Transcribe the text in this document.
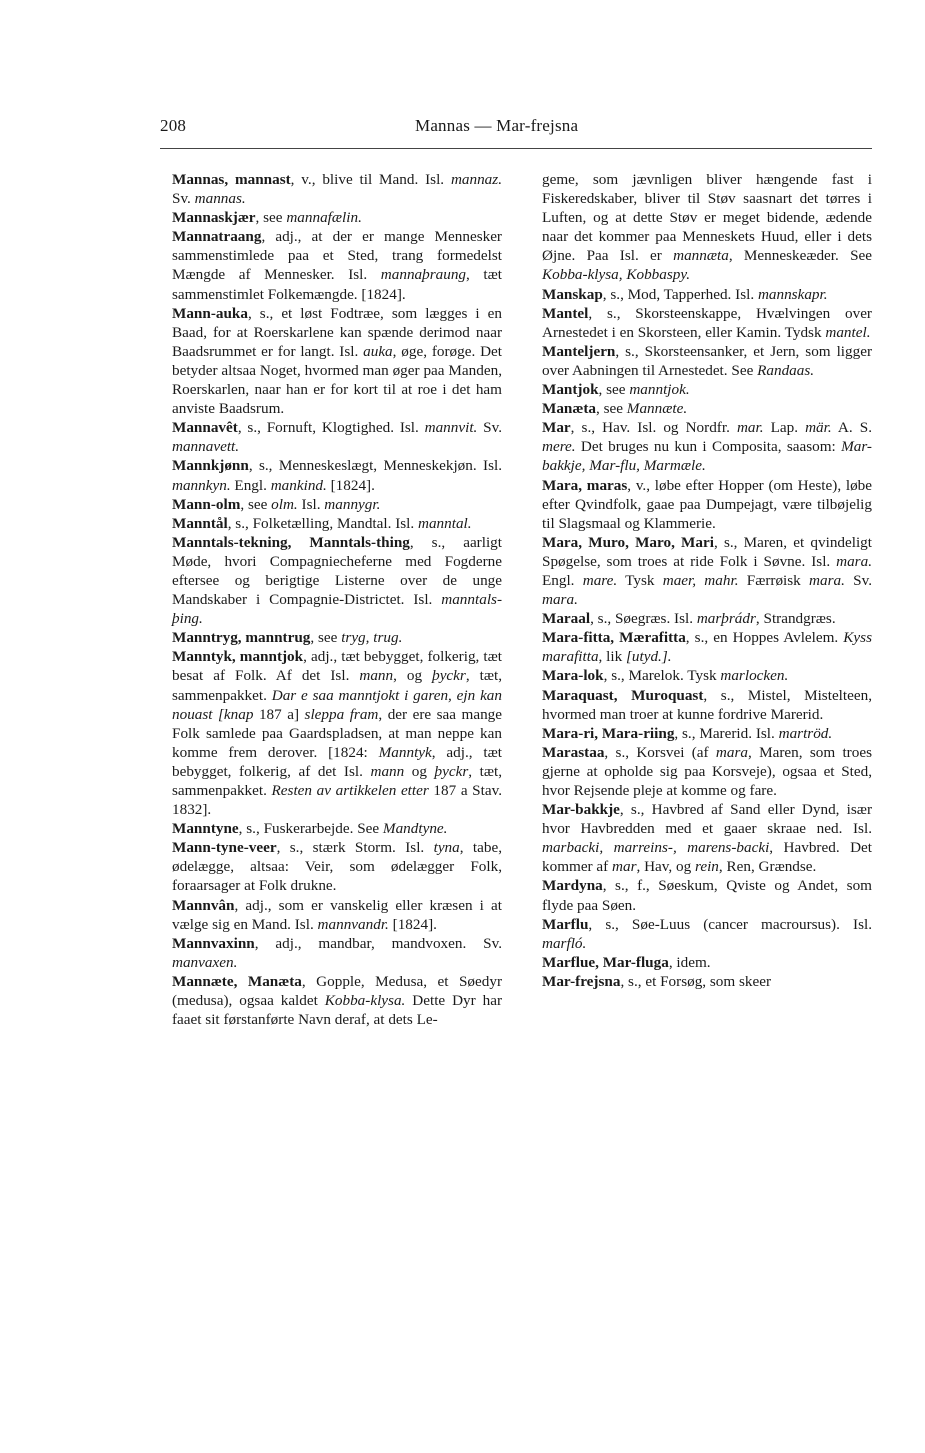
208	Mannas — Mar-frejsna

Mannas, mannast, v., blive til Mand. Isl. mannaz. Sv. mannas.

Mannaskjær, see mannafælin.

Mannatraang, adj., at der er mange Mennesker sammenstimlede paa et Sted, trang formedelst Mængde af Mennesker. Isl. mannaþraung, tæt sammenstimlet Folkemængde. [1824].

Mann-auka, s., et løst Fodtræe, som lægges i en Baad, for at Roerskarlene kan spænde derimod naar Baadsrummet er for langt. Isl. auka, øge, forøge. Det betyder altsaa Noget, hvormed man øger paa Manden, Roerskarlen, naar han er for kort til at roe i det ham anviste Baadsrum.

Mannavêt, s., Fornuft, Klogtighed. Isl. mannvit. Sv. mannavett.

Mannkjønn, s., Menneskeslægt, Menneskekjøn. Isl. mannkyn. Engl. mankind. [1824].

Mann-olm, see olm. Isl. mannygr.

Manntål, s., Folketælling, Mandtal. Isl. manntal.

Manntals-tekning, Manntals-thing, s., aarligt Møde, hvori Compagniecheferne med Fogderne eftersee og berigtige Listerne over de unge Mandskaber i Compagnie-Districtet. Isl. manntals-þing.

Manntryg, manntrug, see tryg, trug.

Manntyk, manntjok, adj., tæt bebygget, folkerig, tæt besat af Folk. Af det Isl. mann, og þyckr, tæt, sammenpakket. Dar e saa manntjokt i garen, ejn kan nouast [knap 187 a] sleppa fram, der ere saa mange Folk samlede paa Gaardspladsen, at man neppe kan komme frem derover. [1824: Manntyk, adj., tæt bebygget, folkerig, af det Isl. mann og þyckr, tæt, sammenpakket. Resten av artikkelen etter 187 a Stav. 1832].

Manntyne, s., Fuskerarbejde. See Mandtyne.

Mann-tyne-veer, s., stærk Storm. Isl. tyna, tabe, ødelægge, altsaa: Veir, som ødelægger Folk, foraarsager at Folk drukne.

Mannvân, adj., som er vanskelig eller kræsen i at vælge sig en Mand. Isl. mannvandr. [1824].

Mannvaxinn, adj., mandbar, mandvoxen. Sv. manvaxen.

Mannæte, Manæta, Gopple, Medusa, et Søedyr (medusa), ogsaa kaldet Kobba-klysa. Dette Dyr har faaet sit førstanførte Navn deraf, at dets Le-

geme, som jævnligen bliver hængende fast i Fiskeredskaber, bliver til Støv saasnart det tørres i Luften, og at dette Støv er meget bidende, ædende naar det kommer paa Menneskets Huud, eller i dets Øjne. Paa Isl. er mannæta, Menneskeæder. See Kobba-klysa, Kobbaspy.

Manskap, s., Mod, Tapperhed. Isl. mannskapr.

Mantel, s., Skorsteenskappe, Hvælvingen over Arnestedet i en Skorsteen, eller Kamin. Tydsk mantel.

Manteljern, s., Skorsteensanker, et Jern, som ligger over Aabningen til Arnestedet. See Randaas.

Mantjok, see manntjok.

Manæta, see Mannæte.

Mar, s., Hav. Isl. og Nordfr. mar. Lap. mär. A. S. mere. Det bruges nu kun i Composita, saasom: Mar-bakkje, Mar-flu, Marmæle.

Mara, maras, v., løbe efter Hopper (om Heste), løbe efter Qvindfolk, gaae paa Dumpejagt, være tilbøjelig til Slagsmaal og Klammerie.

Mara, Muro, Maro, Mari, s., Maren, et qvindeligt Spøgelse, som troes at ride Folk i Søvne. Isl. mara. Engl. mare. Tysk maer, mahr. Færrøisk mara. Sv. mara.

Maraal, s., Søegræs. Isl. marþrádr, Strandgræs.

Mara-fitta, Mærafitta, s., en Hoppes Avlelem. Kyss marafitta, lik [utyd.].

Mara-lok, s., Marelok. Tysk marlocken.

Maraquast, Muroquast, s., Mistel, Mistelteen, hvormed man troer at kunne fordrive Marerid.

Mara-ri, Mara-riing, s., Marerid. Isl. martröd.

Marastaa, s., Korsvei (af mara, Maren, som troes gjerne at opholde sig paa Korsveje), ogsaa et Sted, hvor Rejsende pleje at komme og fare.

Mar-bakkje, s., Havbred af Sand eller Dynd, især hvor Havbredden med et gaaer skraae ned. Isl. marbacki, marreins-, marens-backi, Havbred. Det kommer af mar, Hav, og rein, Ren, Grændse.

Mardyna, s., f., Søeskum, Qviste og Andet, som flyde paa Søen.

Marflu, s., Søe-Luus (cancer macroursus). Isl. marfló.

Marflue, Mar-fluga, idem.

Mar-frejsna, s., et Forsøg, som skeer
